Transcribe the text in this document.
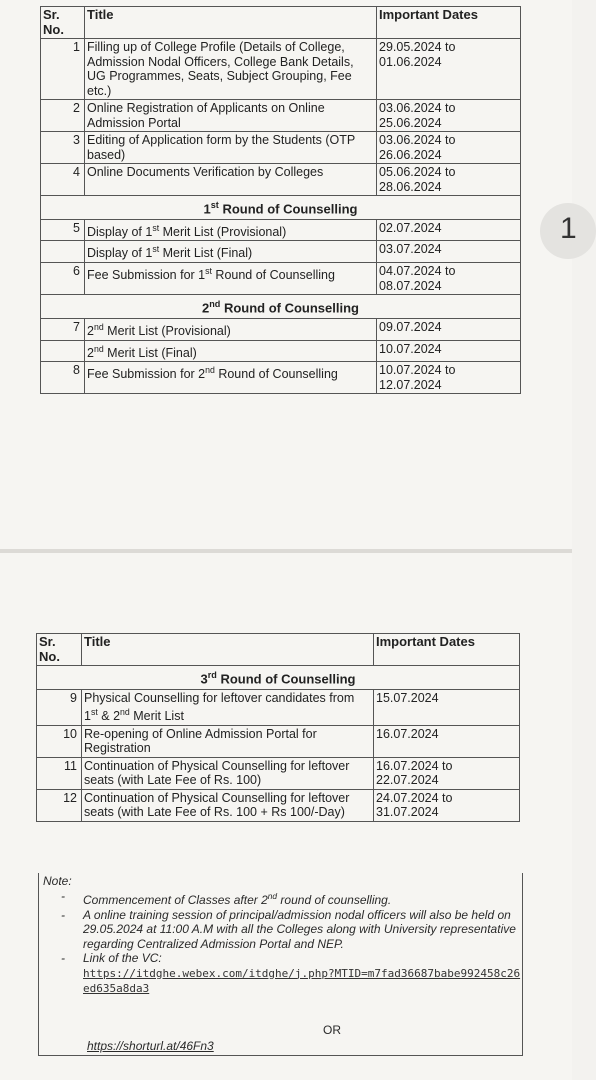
Sr. No.	Title	Important Dates
1	Filling up of College Profile (Details of College, Admission Nodal Officers, College Bank Details, UG Programmes, Seats, Subject Grouping, Fee etc.)	29.05.2024 to 01.06.2024
2	Online Registration of Applicants on Online Admission Portal	03.06.2024 to 25.06.2024
3	Editing of Application form by the Students (OTP based)	03.06.2024 to 26.06.2024
4	Online Documents Verification by Colleges	05.06.2024 to 28.06.2024
1st Round of Counselling		
5	Display of 1st Merit List (Provisional)	02.07.2024
	Display of 1st Merit List (Final)	03.07.2024
6	Fee Submission for 1st Round of Counselling	04.07.2024 to 08.07.2024
2nd Round of Counselling		
7	2nd Merit List (Provisional)	09.07.2024
	2nd Merit List (Final)	10.07.2024
8	Fee Submission for 2nd Round of Counselling	10.07.2024 to 12.07.2024
1
Sr. No.	Title	Important Dates
3rd Round of Counselling		
9	Physical Counselling for leftover candidates from 1st & 2nd Merit List	15.07.2024
10	Re-opening of Online Admission Portal for Registration	16.07.2024
11	Continuation of Physical Counselling for leftover seats (with Late Fee of Rs. 100)	16.07.2024 to 22.07.2024
12	Continuation of Physical Counselling for leftover seats (with Late Fee of Rs. 100 + Rs 100/-Day)	24.07.2024 to 31.07.2024
Note:
- Commencement of Classes after 2nd round of counselling.
- A online training session of principal/admission nodal officers will also be held on 29.05.2024 at 11:00 A.M with all the Colleges along with University representative regarding Centralized Admission Portal and NEP.
- Link of the VC:
https://itdghe.webex.com/itdghe/j.php?MTID=m7fad36687babe992458c26ed635a8da3
OR
https://shorturl.at/46Fn3
